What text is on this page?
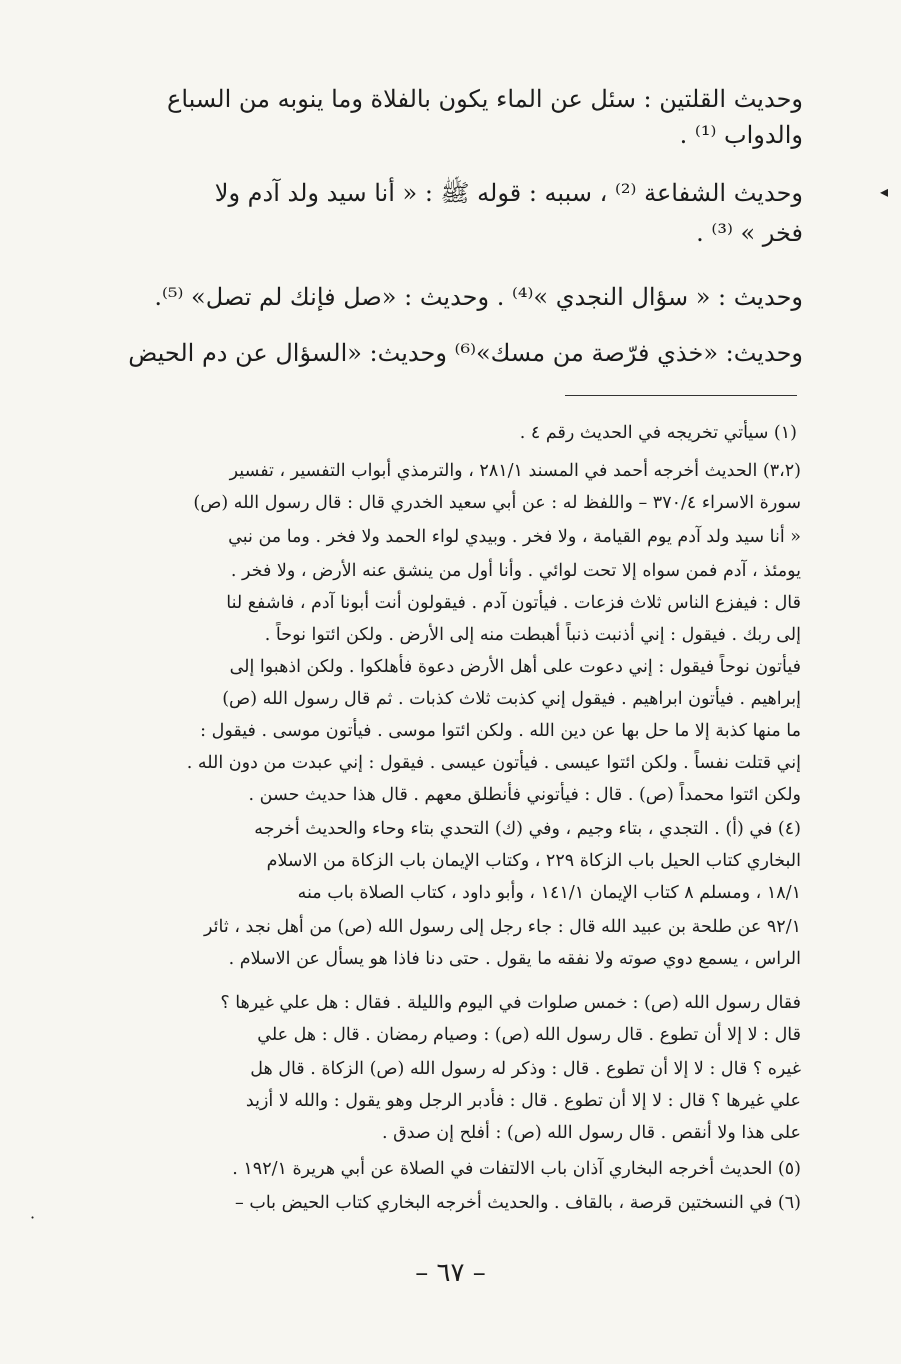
وحديث القلتين : سئل عن الماء يكون بالفلاة وما ينوبه من السباع
والدواب ⁽¹⁾ .
وحديث الشفاعة ⁽²⁾ ، سببه : قوله ﷺ : « أنا سيد ولد آدم ولا
فخر » ⁽³⁾ .
وحديث : « سؤال النجدي »⁽⁴⁾ . وحديث : «صل فإنك لم تصل» ⁽⁵⁾.
وحديث: «خذي فرّصة من مسك»⁽⁶⁾ وحديث: «السؤال عن دم الحيض
(١) سيأتي تخريجه في الحديث رقم ٤ .
(٣،٢) الحديث أخرجه أحمد في المسند ٢٨١/١ ، والترمذي أبواب التفسير ، تفسير
سورة الاسراء ٣٧٠/٤ – واللفظ له : عن أبي سعيد الخدري قال : قال رسول الله (ص)
« أنا سيد ولد آدم يوم القيامة ، ولا فخر . وبيدي لواء الحمد ولا فخر . وما من نبي
يومئذ ، آدم فمن سواه إلا تحت لوائي . وأنا أول من ينشق عنه الأرض ، ولا فخر .
قال : فيفزع الناس ثلاث فزعات . فيأتون آدم . فيقولون أنت أبونا آدم ، فاشفع لنا
إلى ربك . فيقول : إني أذنبت ذنباً أهبطت منه إلى الأرض . ولكن ائتوا نوحاً .
فيأتون نوحاً فيقول : إني دعوت على أهل الأرض دعوة فأهلكوا . ولكن اذهبوا إلى
إبراهيم . فيأتون ابراهيم . فيقول إني كذبت ثلاث كذبات . ثم قال رسول الله (ص)
ما منها كذبة إلا ما حل بها عن دين الله . ولكن ائتوا موسى . فيأتون موسى . فيقول :
إني قتلت نفساً . ولكن ائتوا عيسى . فيأتون عيسى . فيقول : إني عبدت من دون الله .
ولكن ائتوا محمداً (ص) . قال : فيأتوني فأنطلق معهم . قال هذا حديث حسن .
(٤) في (أ) . التجدي ، بتاء وجيم ، وفي (ك) التحدي بتاء وحاء والحديث أخرجه
البخاري كتاب الحيل باب الزكاة ٢٢٩ ، وكتاب الإيمان باب الزكاة من الاسلام
١٨/١ ، ومسلم ٨ كتاب الإيمان ١٤١/١ ، وأبو داود ، كتاب الصلاة باب منه
٩٢/١ عن طلحة بن عبيد الله قال : جاء رجل إلى رسول الله (ص) من أهل نجد ، ثائر
الراس ، يسمع دوي صوته ولا نفقه ما يقول . حتى دنا فاذا هو يسأل عن الاسلام .
فقال رسول الله (ص) : خمس صلوات في اليوم والليلة . فقال : هل علي غيرها ؟
قال : لا إلا أن تطوع . قال رسول الله (ص) : وصيام رمضان . قال : هل علي
غيره ؟ قال : لا إلا أن تطوع . قال : وذكر له رسول الله (ص) الزكاة . قال هل
علي غيرها ؟ قال : لا إلا أن تطوع . قال : فأدبر الرجل وهو يقول : والله لا أزيد
على هذا ولا أنقص . قال رسول الله (ص) : أفلح إن صدق .
(٥) الحديث أخرجه البخاري آذان باب الالتفات في الصلاة عن أبي هريرة ١٩٢/١ .
(٦) في النسختين قرصة ، بالقاف . والحديث أخرجه البخاري كتاب الحيض باب –
– ٦٧ –
◂
·
